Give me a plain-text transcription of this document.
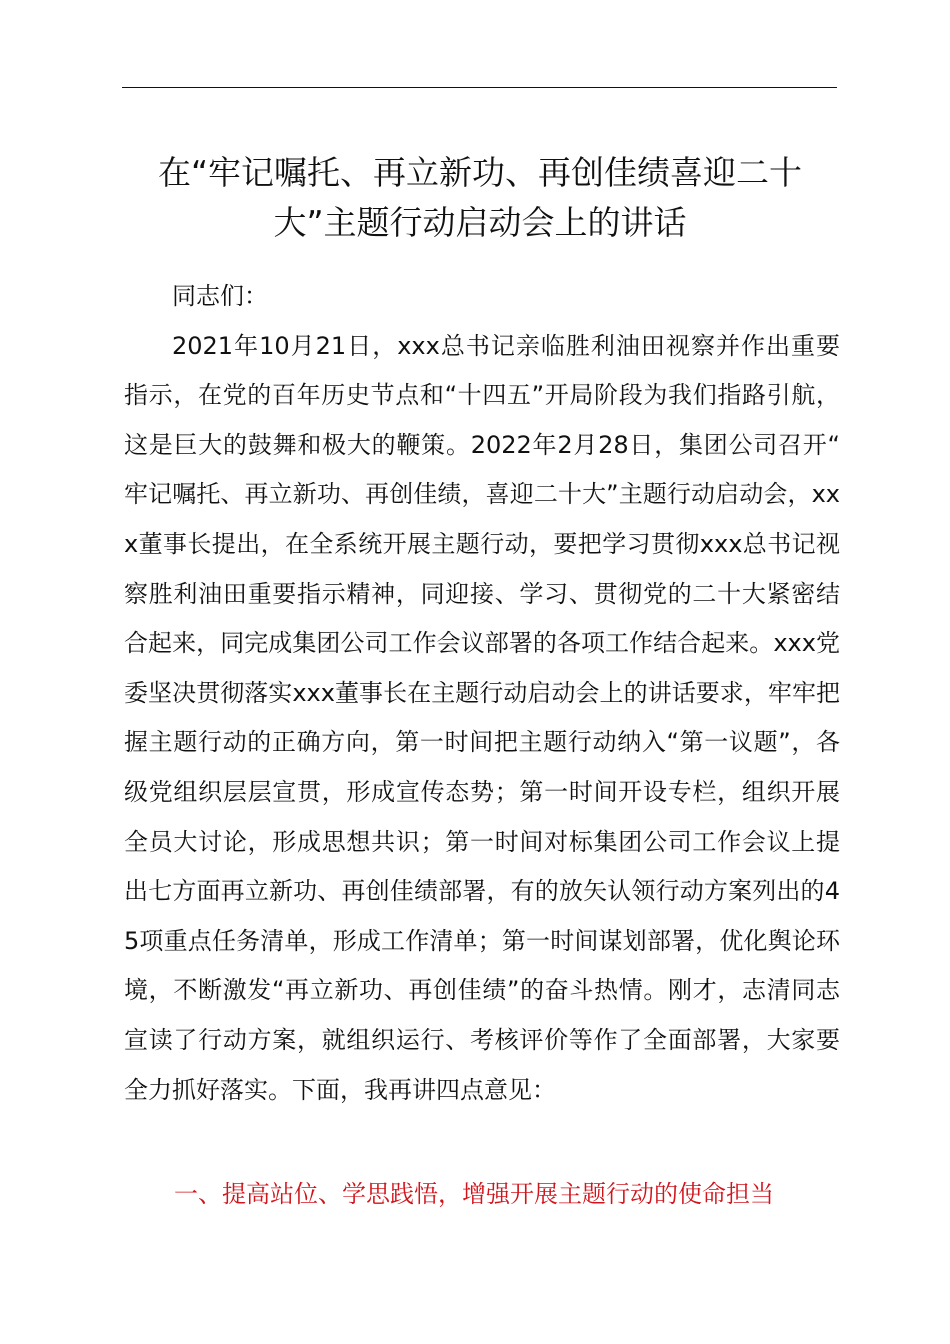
在“牢记嘱托、再立新功、再创佳绩喜迎二十
大”主题行动启动会上的讲话

同志们：

2021年10月21日，xxx总书记亲临胜利油田视察并作出重要指示，在党的百年历史节点和“十四五”开局阶段为我们指路引航，这是巨大的鼓舞和极大的鞭策。2022年2月28日，集团公司召开“牢记嘱托、再立新功、再创佳绩，喜迎二十大”主题行动启动会，xxx董事长提出，在全系统开展主题行动，要把学习贯彻xxx总书记视察胜利油田重要指示精神，同迎接、学习、贯彻党的二十大紧密结合起来，同完成集团公司工作会议部署的各项工作结合起来。xxx党委坚决贯彻落实xxx董事长在主题行动启动会上的讲话要求，牢牢把握主题行动的正确方向，第一时间把主题行动纳入“第一议题”，各级党组织层层宣贯，形成宣传态势；第一时间开设专栏，组织开展全员大讨论，形成思想共识；第一时间对标集团公司工作会议上提出七方面再立新功、再创佳绩部署，有的放矢认领行动方案列出的45项重点任务清单，形成工作清单；第一时间谋划部署，优化舆论环境，不断激发“再立新功、再创佳绩”的奋斗热情。刚才，志清同志宣读了行动方案，就组织运行、考核评价等作了全面部署，大家要全力抓好落实。下面，我再讲四点意见：

一、提高站位、学思践悟，增强开展主题行动的使命担当
